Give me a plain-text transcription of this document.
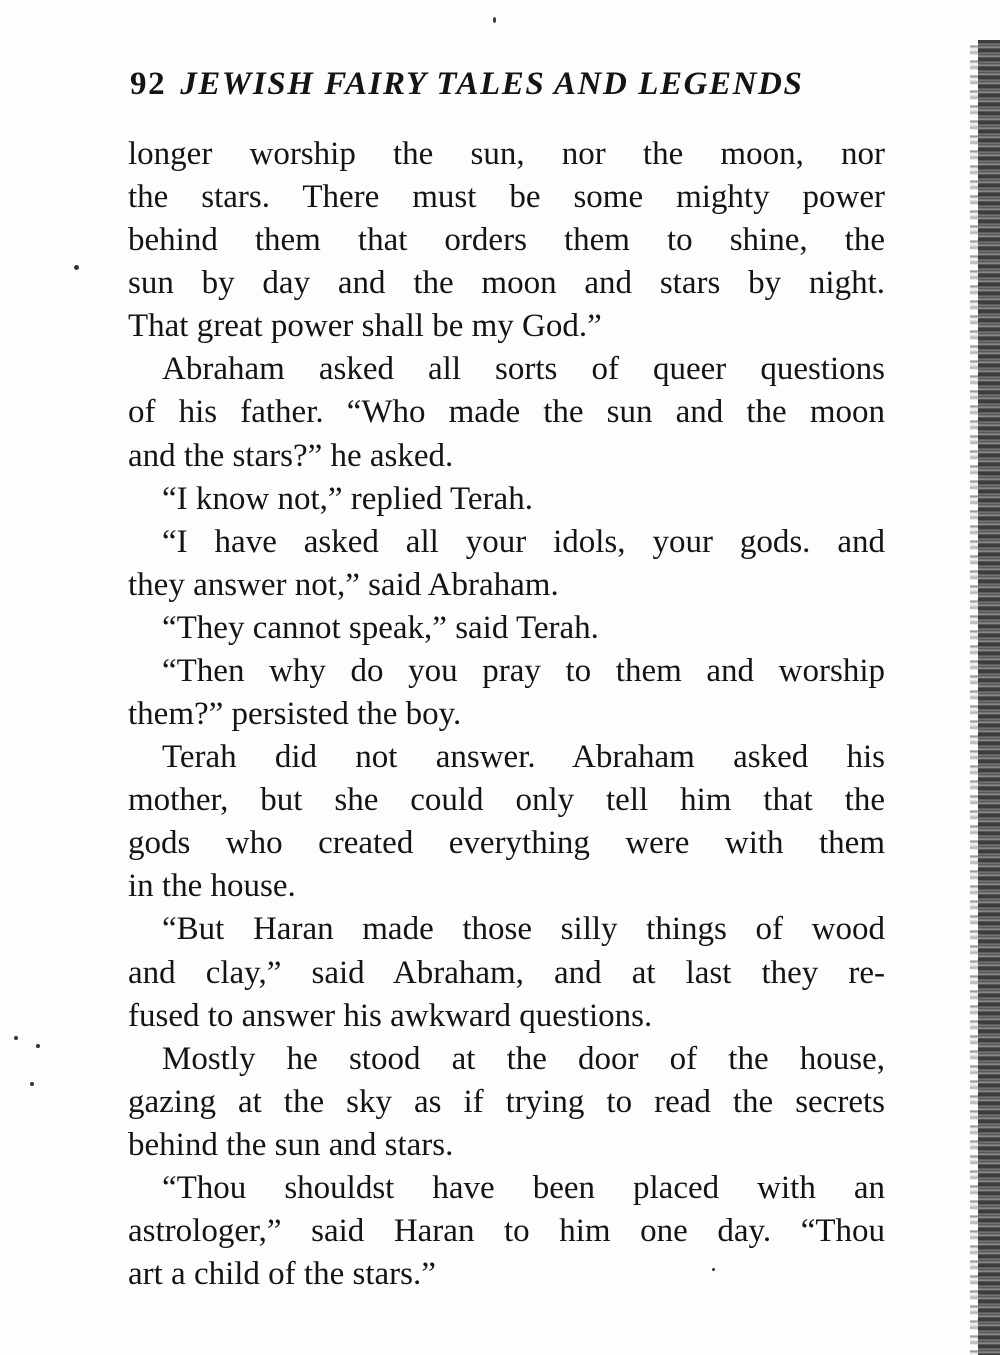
92 JEWISH FAIRY TALES AND LEGENDS
longer worship the sun, nor the moon, nor
the stars. There must be some mighty power
behind them that orders them to shine, the
sun by day and the moon and stars by night.
That great power shall be my God.”
Abraham asked all sorts of queer questions
of his father. “Who made the sun and the moon
and the stars?” he asked.
“I know not,” replied Terah.
“I have asked all your idols, your gods. and
they answer not,” said Abraham.
“They cannot speak,” said Terah.
“Then why do you pray to them and worship
them?” persisted the boy.
Terah did not answer. Abraham asked his
mother, but she could only tell him that the
gods who created everything were with them
in the house.
“But Haran made those silly things of wood
and clay,” said Abraham, and at last they re-
fused to answer his awkward questions.
Mostly he stood at the door of the house,
gazing at the sky as if trying to read the secrets
behind the sun and stars.
“Thou shouldst have been placed with an
astrologer,” said Haran to him one day. “Thou
art a child of the stars.”
